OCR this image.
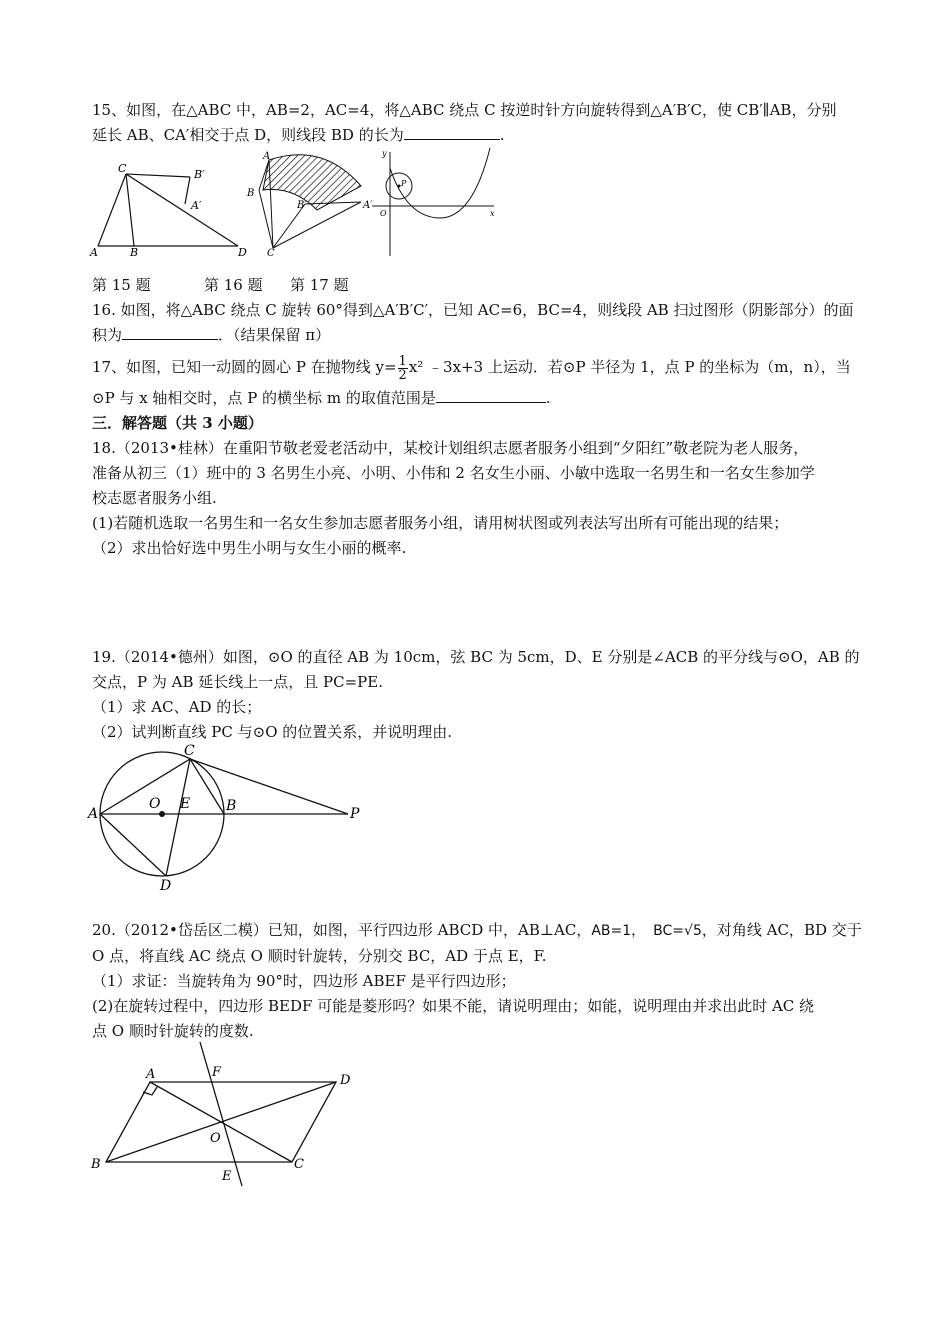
15、如图，在△ABC 中，AB=2，AC=4，将△ABC 绕点 C 按逆时针方向旋转得到△A′B′C，使 CB′∥AB，分别
延长 AB、CA′相交于点 D，则线段 BD 的长为	.
C	B′
A′
A	B	D
A
B
B′	A′
C
y
P
O	x
第 15 题	第 16 题 第 17 题
16. 如图，将△ABC 绕点 C 旋转 60°得到△A′B′C′，已知 AC=6，BC=4，则线段 AB 扫过图形（阴影部分）的面
积为	．（结果保留 π）
17、如图，已知一动圆的圆心 P 在抛物线 $y= \frac{1}{2} x^2$ ﹣3x+3 上运动．若⊙P 半径为 1，点 P 的坐标为（m，n），当
⊙P 与 x 轴相交时，点 P 的横坐标 m 的取值范围是	.
三．解答题（共 3 小题）
18.（2013•桂林）在重阳节敬老爱老活动中，某校计划组织志愿者服务小组到“夕阳红”敬老院为老人服务，
准备从初三（1）班中的 3 名男生小亮、小明、小伟和 2 名女生小丽、小敏中选取一名男生和一名女生参加学
校志愿者服务小组.
(1)若随机选取一名男生和一名女生参加志愿者服务小组，请用树状图或列表法写出所有可能出现的结果；
（2）求出恰好选中男生小明与女生小丽的概率.
19.（2014•德州）如图，⊙O 的直径 AB 为 10cm，弦 BC 为 5cm，D、E 分别是∠ACB 的平分线与⊙O，AB 的
交点，P 为 AB 延长线上一点，且 PC=PE.
（1）求 AC、AD 的长；
（2）试判断直线 PC 与⊙O 的位置关系，并说明理由.
A
O E	B
C
D
P
20.（2012•岱岳区二模）已知，如图，平行四边形 ABCD 中，AB⊥AC，AB=1， BC=√5，对角线 AC，BD 交于
O 点，将直线 AC 绕点 O 顺时针旋转，分别交 BC，AD 于点 E，F.
（1）求证：当旋转角为 90°时，四边形 ABEF 是平行四边形；
(2)在旋转过程中，四边形 BEDF 可能是菱形吗？如果不能，请说明理由；如能，说明理由并求出此时 AC 绕
点 O 顺时针旋转的度数.
A	F
D
O
B
E
C
